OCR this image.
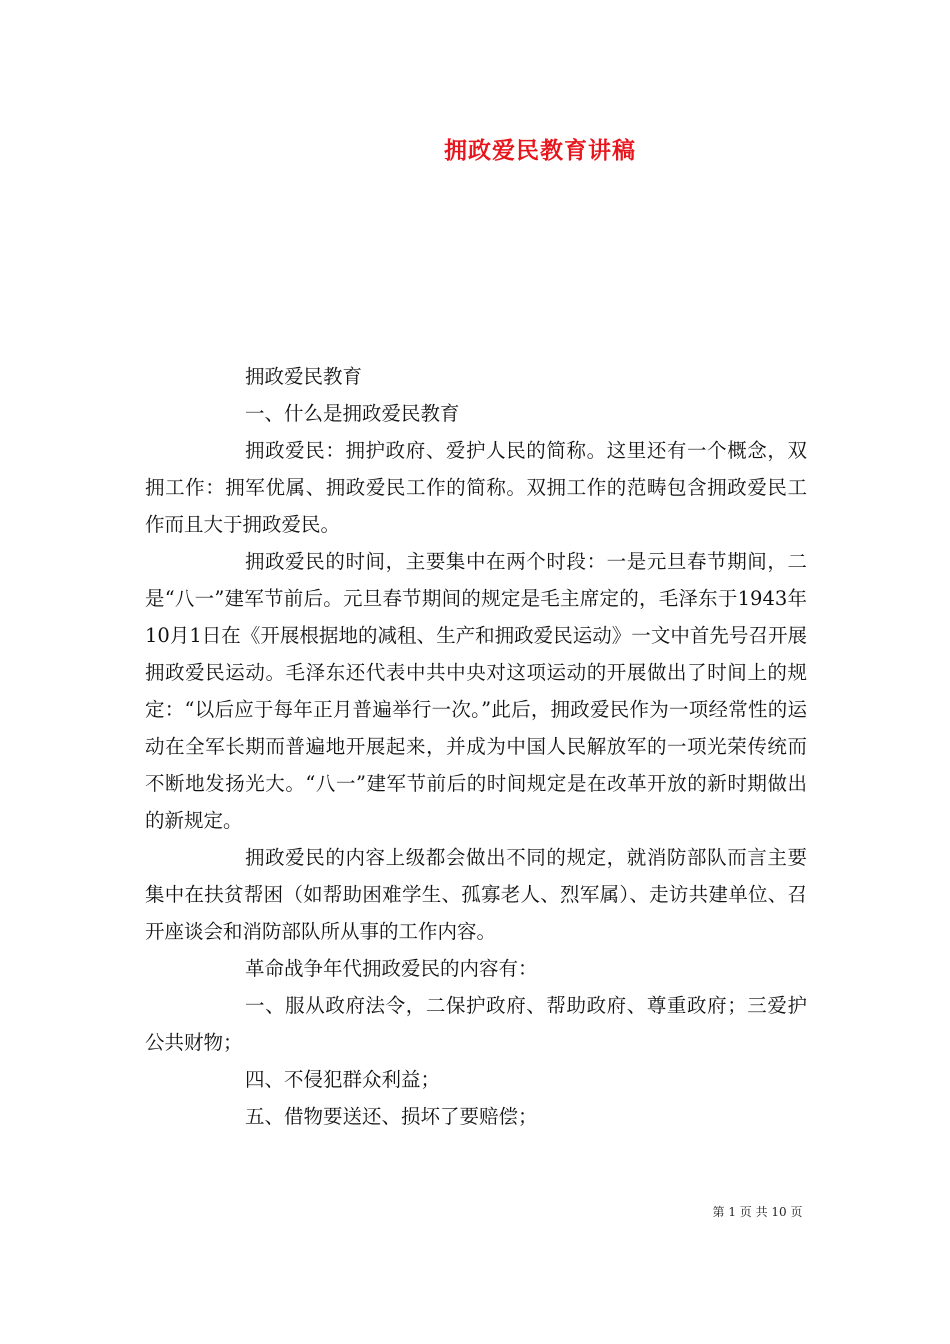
拥政爱民教育讲稿

拥政爱民教育

一、什么是拥政爱民教育

拥政爱民：拥护政府、爱护人民的简称。这里还有一个概念，双拥工作：拥军优属、拥政爱民工作的简称。双拥工作的范畴包含拥政爱民工作而且大于拥政爱民。

拥政爱民的时间，主要集中在两个时段：一是元旦春节期间，二是“八一”建军节前后。元旦春节期间的规定是毛主席定的，毛泽东于1943年10月1日在《开展根据地的减租、生产和拥政爱民运动》一文中首先号召开展拥政爱民运动。毛泽东还代表中共中央对这项运动的开展做出了时间上的规定：“以后应于每年正月普遍举行一次。”此后，拥政爱民作为一项经常性的运动在全军长期而普遍地开展起来，并成为中国人民解放军的一项光荣传统而不断地发扬光大。“八一”建军节前后的时间规定是在改革开放的新时期做出的新规定。

拥政爱民的内容上级都会做出不同的规定，就消防部队而言主要集中在扶贫帮困（如帮助困难学生、孤寡老人、烈军属）、走访共建单位、召开座谈会和消防部队所从事的工作内容。

革命战争年代拥政爱民的内容有：

一、服从政府法令，二保护政府、帮助政府、尊重政府；三爱护公共财物；

四、不侵犯群众利益；

五、借物要送还、损坏了要赔偿；

第 1 页 共 10 页
